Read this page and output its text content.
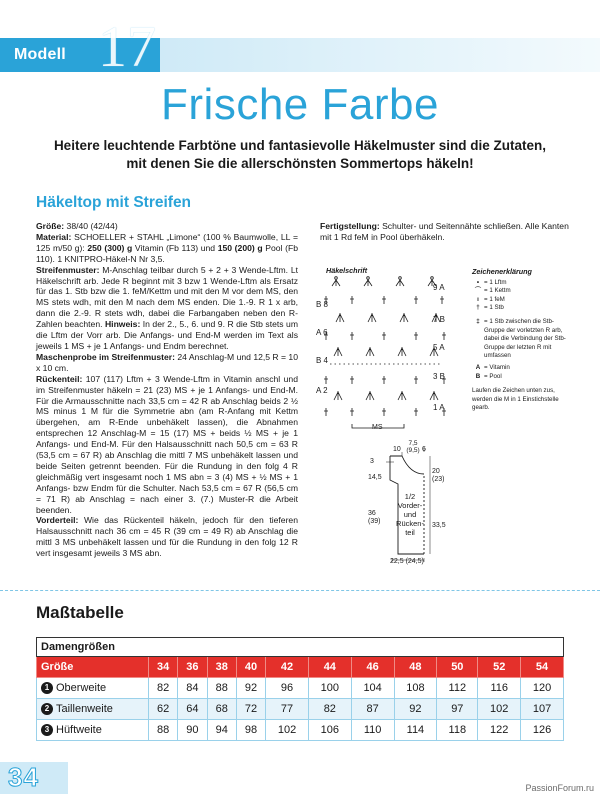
Modell 17
Frische Farbe
Heitere leuchtende Farbtöne und fantasievolle Häkelmuster sind die Zutaten,
mit denen Sie die allerschönsten Sommertops häkeln!
Häkeltop mit Streifen

Größe: 38/40 (42/44)

Material: SCHOELLER + STAHL „Limone“ (100 % Baumwolle, LL = 125 m/50 g): 250 (300) g Vitamin (Fb 113) und 150 (200) g Pool (Fb 110). 1 KNITPRO-Häkel-N Nr 3,5.

Streifenmuster: M-Anschlag teilbar durch 5 + 2 + 3 Wende-Lftm. Lt Häkelschrift arb. Jede R beginnt mit 3 bzw 1 Wende-Lftm als Ersatz für das 1. Stb bzw die 1. feM/Kettm und mit den M vor dem MS, den MS stets wdh, mit den M nach dem MS enden. Die 1.-9. R 1 x arb, dann die 2.-9. R stets wdh, dabei die Farbangaben neben den R-Zahlen beachten. Hinweis: In der 2., 5., 6. und 9. R die Stb stets um die Lftm der Vorr arb. Die Anfangs- und End-M werden im Text als jeweils 1 MS + je 1 Anfangs- und Endm berechnet.

Maschenprobe im Streifenmuster: 24 Anschlag-M und 12,5 R = 10 x 10 cm.

Rückenteil: 107 (117) Lftm + 3 Wende-Lftm in Vitamin anschl und im Streifenmuster häkeln = 21 (23) MS + je 1 Anfangs- und End-M. Für die Armausschnitte nach 33,5 cm = 42 R ab Anschlag beids 2 ½ MS minus 1 M für die Symmetrie abn (am R-Anfang mit Kettm übergehen, am R-Ende unbehäkelt lassen), die Abnahmen entsprechen 12 Anschlag-M = 15 (17) MS + beids ½ MS + je 1 Anfangs- und End-M. Für den Halsausschnitt nach 50,5 cm = 63 R (53,5 cm = 67 R) ab Anschlag die mittl 7 MS unbehäkelt lassen und beide Seiten getrennt beenden. Für die Rundung in den folg 4 R gleichmäßig vert insgesamt noch 1 MS abn = 3 (4) MS + ½ MS + 1 Anfangs- bzw Endm für die Schulter. Nach 53,5 cm = 67 R (56,5 cm = 71 R) ab Anschlag = nach einer 3. (7.) Muster-R die Arbeit beenden.

Vorderteil: Wie das Rückenteil häkeln, jedoch für den tieferen Halsausschnitt nach 36 cm = 45 R (39 cm = 49 R) ab Anschlag die mittl 3 MS unbehäkelt lassen und für die Rundung in den folg 12 R vert insgesamt jeweils 3 MS abn.

Fertigstellung: Schulter- und Seitennähte schließen. Alle Kanten mit 1 Rd feM in Pool überhäkeln.
Häkelschrift
9 A
7 B
5 A
3 B
1 A
B 8
A 6
B 4
A 2
MS
Zeichenerklärung
• = 1 Lftm
⌒ = 1 Kettm
ı = 1 feM
† = 1 Stb
‡ = 1 Stb zwischen die Stb-Gruppe der vorletzten R arb, dabei die Verbindung der Stb-Gruppe der letzten R mit umfassen
A = Vitamin
B = Pool
Laufen die Zeichen unten zus, werden die M in 1 Einstichstelle gearb.
10
7,5 (9,5) 6
3
14,5
36 (39)
20 (23)
33,5
1/2 Vorder- und Rücken- teil
22,5 (24,5)
Maßtabelle
Damengrößen											
Größe	34	36	38	40	42	44	46	48	50	52	54
1 Oberweite	82	84	88	92	96	100	104	108	112	116	120
2 Taillenweite	62	64	68	72	77	82	87	92	97	102	107
3 Hüftweite	88	90	94	98	102	106	110	114	118	122	126
34	PassionForum.ru
